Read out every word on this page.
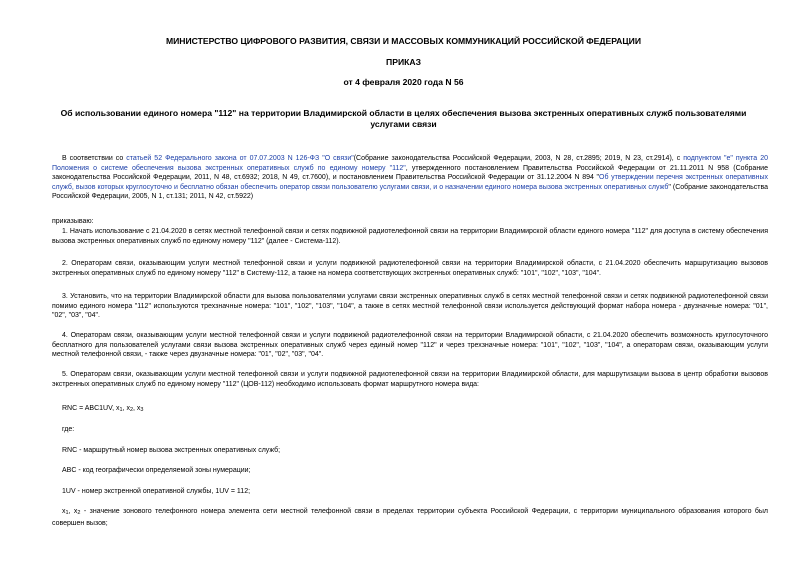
МИНИСТЕРСТВО ЦИФРОВОГО РАЗВИТИЯ, СВЯЗИ И МАССОВЫХ КОММУНИКАЦИЙ РОССИЙСКОЙ ФЕДЕРАЦИИ
ПРИКАЗ
от 4 февраля 2020 года N 56
Об использовании единого номера "112" на территории Владимирской области в целях обеспечения вызова экстренных оперативных служб пользователями услугами связи
В соответствии со статьей 52 Федерального закона от 07.07.2003 N 126-ФЗ "О связи"(Собрание законодательства Российской Федерации, 2003, N 28, ст.2895; 2019, N 23, ст.2914), с подпунктом "е" пункта 20 Положения о системе обеспечения вызова экстренных оперативных служб по единому номеру "112", утвержденного постановлением Правительства Российской Федерации от 21.11.2011 N 958 (Собрание законодательства Российской Федерации, 2011, N 48, ст.6932; 2018, N 49, ст.7600), и постановлением Правительства Российской Федерации от 31.12.2004 N 894 "Об утверждении перечня экстренных оперативных служб, вызов которых круглосуточно и бесплатно обязан обеспечить оператор связи пользователю услугами связи, и о назначении единого номера вызова экстренных оперативных служб" (Собрание законодательства Российской Федерации, 2005, N 1, ст.131; 2011, N 42, ст.5922)
приказываю:
1. Начать использование с 21.04.2020 в сетях местной телефонной связи и сетях подвижной радиотелефонной связи на территории Владимирской области единого номера "112" для доступа в систему обеспечения вызова экстренных оперативных служб по единому номеру "112" (далее - Система-112).
2. Операторам связи, оказывающим услуги местной телефонной связи и услуги подвижной радиотелефонной связи на территории Владимирской области, с 21.04.2020 обеспечить маршрутизацию вызовов экстренных оперативных служб по единому номеру "112" в Систему-112, а также на номера соответствующих экстренных оперативных служб: "101", "102", "103", "104".
3. Установить, что на территории Владимирской области для вызова пользователями услугами связи экстренных оперативных служб в сетях местной телефонной связи и сетях подвижной радиотелефонной связи помимо единого номера "112" используются трехзначные номера: "101", "102", "103", "104", а также в сетях местной телефонной связи используется действующий формат набора номера - двузначные номера: "01", "02", "03", "04".
4. Операторам связи, оказывающим услуги местной телефонной связи и услуги подвижной радиотелефонной связи на территории Владимирской области, с 21.04.2020 обеспечить возможность круглосуточного бесплатного для пользователей услугами связи вызова экстренных оперативных служб через единый номер "112" и через трехзначные номера: "101", "102", "103", "104", а операторам связи, оказывающим услуги местной телефонной связи, - также через двузначные номера: "01", "02", "03", "04".
5. Операторам связи, оказывающим услуги местной телефонной связи и услуги подвижной радиотелефонной связи на территории Владимирской области, для маршрутизации вызова в центр обработки вызовов экстренных оперативных служб по единому номеру "112" (ЦОВ-112) необходимо использовать формат маршрутного номера вида:
RNC = ABC1UV, x1, x2, x3
где:
RNC - маршрутный номер вызова экстренных оперативных служб;
ABC - код географически определяемой зоны нумерации;
1UV - номер экстренной оперативной службы, 1UV = 112;
x1, x2 - значение зонового телефонного номера элемента сети местной телефонной связи в пределах территории субъекта Российской Федерации, с территории муниципального образования которого был совершен вызов;
